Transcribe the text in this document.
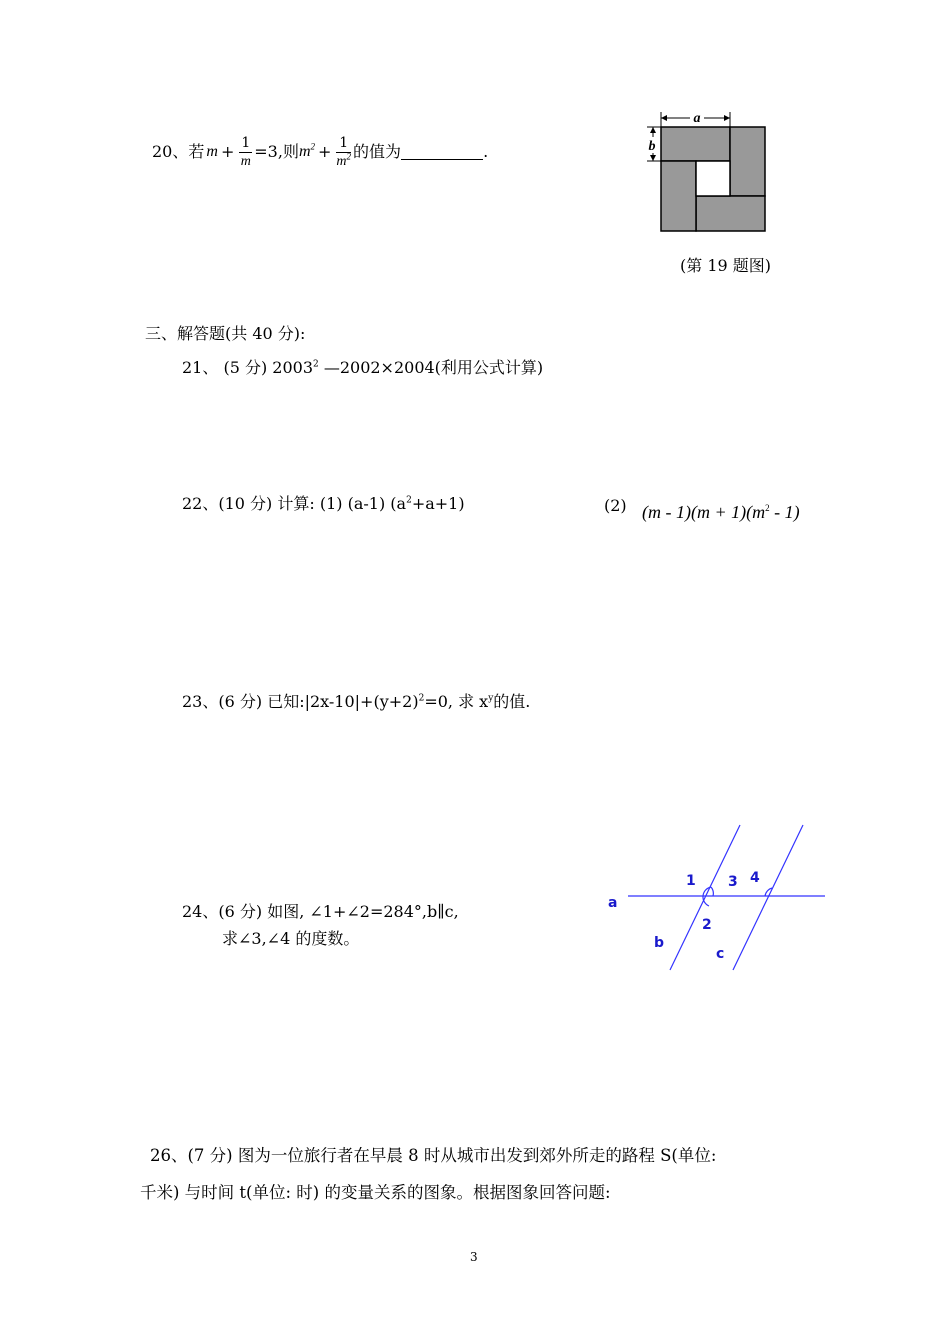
20、若 $m + \frac{1}{m} =3$,则 $m^2 + \frac{1}{m^2}$ 的值为	.
a
b
(第 19 题图)
三、解答题(共 40 分):
21、 (5 分) 2003$^2$ —2002×2004(利用公式计算)
22、(10 分) 计算: (1) (a-1) $(a^2+a+1)$	(2) $(m - 1)(m + 1)(m^2 - 1)$
23、(6 分) 已知$:|2x-10|+(y+2)^2=0$, 求 $x^y$的值.
24、(6 分) 如图, ∠1+∠2=284°,b∥c,
求∠3,∠4 的度数。
a
b
c
1 3
2
4
26、(7 分) 图为一位旅行者在早晨 8 时从城市出发到郊外所走的路程 S(单位:
千米) 与时间 t(单位: 时) 的变量关系的图象。根据图象回答问题:
3
